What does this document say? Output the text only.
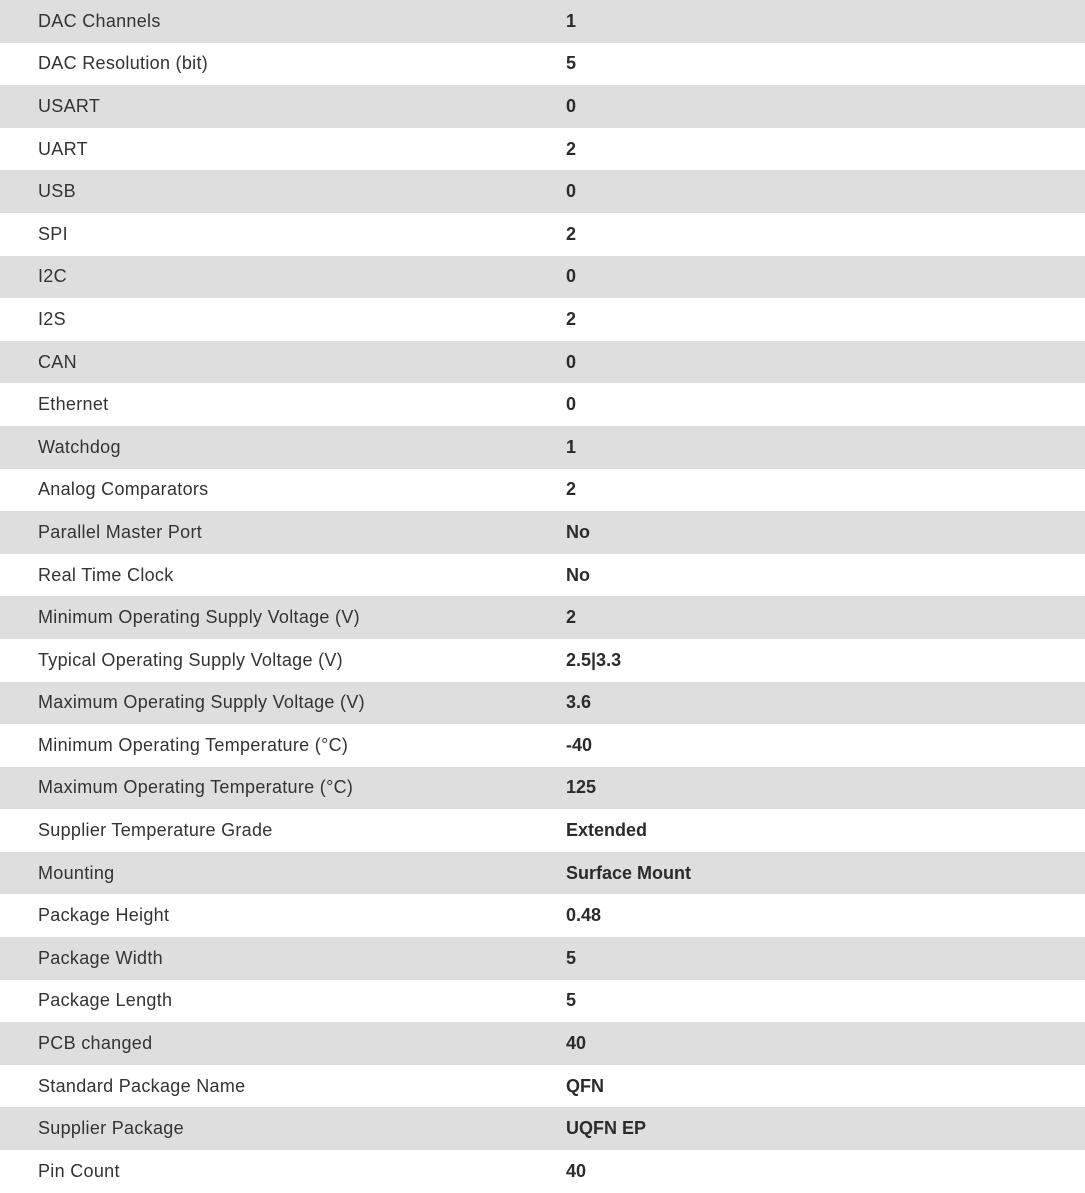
DAC Channels	1
DAC Resolution (bit)	5
USART	0
UART	2
USB	0
SPI	2
I2C	0
I2S	2
CAN	0
Ethernet	0
Watchdog	1
Analog Comparators	2
Parallel Master Port	No
Real Time Clock	No
Minimum Operating Supply Voltage (V)	2
Typical Operating Supply Voltage (V)	2.5|3.3
Maximum Operating Supply Voltage (V)	3.6
Minimum Operating Temperature (°C)	-40
Maximum Operating Temperature (°C)	125
Supplier Temperature Grade	Extended
Mounting	Surface Mount
Package Height	0.48
Package Width	5
Package Length	5
PCB changed	40
Standard Package Name	QFN
Supplier Package	UQFN EP
Pin Count	40
